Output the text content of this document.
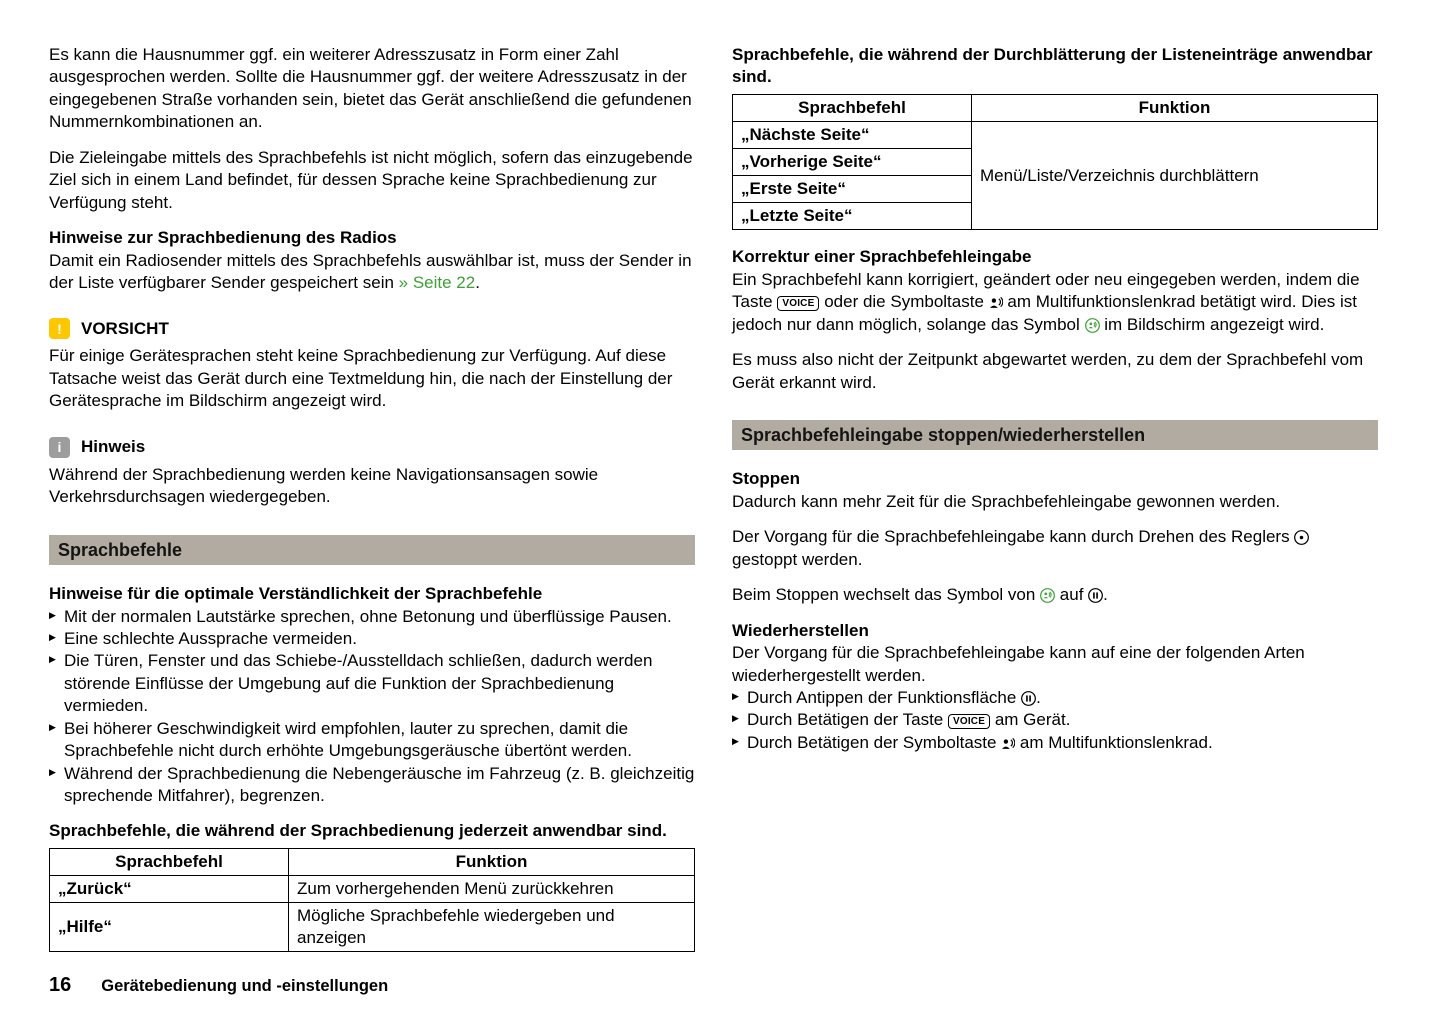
Es kann die Hausnummer ggf. ein weiterer Adresszusatz in Form einer Zahl ausgesprochen werden. Sollte die Hausnummer ggf. der weitere Adresszusatz in der eingegebenen Straße vorhanden sein, bietet das Gerät anschließend die gefundenen Nummernkombinationen an.

Die Zieleingabe mittels des Sprachbefehls ist nicht möglich, sofern das einzugebende Ziel sich in einem Land befindet, für dessen Sprache keine Sprachbedienung zur Verfügung steht.

Hinweise zur Sprachbedienung des Radios

Damit ein Radiosender mittels des Sprachbefehls auswählbar ist, muss der Sender in der Liste verfügbarer Sender gespeichert sein » Seite 22.

!	VORSICHT

Für einige Gerätesprachen steht keine Sprachbedienung zur Verfügung. Auf diese Tatsache weist das Gerät durch eine Textmeldung hin, die nach der Einstellung der Gerätesprache im Bildschirm angezeigt wird.

i	Hinweis

Während der Sprachbedienung werden keine Navigationsansagen sowie Verkehrsdurchsagen wiedergegeben.

Sprachbefehle
Hinweise für die optimale Verständlichkeit der Sprachbefehle
▶ Mit der normalen Lautstärke sprechen, ohne Betonung und überflüssige Pausen.
▶ Eine schlechte Aussprache vermeiden.
▶ Die Türen, Fenster und das Schiebe-/Ausstelldach schließen, dadurch werden störende Einflüsse der Umgebung auf die Funktion der Sprachbedienung vermieden.
▶ Bei höherer Geschwindigkeit wird empfohlen, lauter zu sprechen, damit die Sprachbefehle nicht durch erhöhte Umgebungsgeräusche übertönt werden.
▶ Während der Sprachbedienung die Nebengeräusche im Fahrzeug (z. B. gleichzeitig sprechende Mitfahrer), begrenzen.
Sprachbefehle, die während der Sprachbedienung jederzeit anwendbar sind.
Sprachbefehl	Funktion
„Zurück“	Zum vorhergehenden Menü zurückkehren
„Hilfe“	Mögliche Sprachbefehle wiedergeben und anzeigen
Sprachbefehle, die während der Durchblätterung der Listeneinträge anwendbar sind.
Sprachbefehl	Funktion
„Nächste Seite“	Menü/Liste/Verzeichnis durchblättern
„Vorherige Seite“	
„Erste Seite“	
„Letzte Seite“	
Korrektur einer Sprachbefehleingabe

Ein Sprachbefehl kann korrigiert, geändert oder neu eingegeben werden, indem die Taste VOICE oder die Symboltaste  am Multifunktionslenkrad betätigt wird. Dies ist jedoch nur dann möglich, solange das Symbol  im Bildschirm angezeigt wird.

Es muss also nicht der Zeitpunkt abgewartet werden, zu dem der Sprachbefehl vom Gerät erkannt wird.

Sprachbefehleingabe stoppen/wiederherstellen
Stoppen

Dadurch kann mehr Zeit für die Sprachbefehleingabe gewonnen werden.

Der Vorgang für die Sprachbefehleingabe kann durch Drehen des Reglers  gestoppt werden.

Beim Stoppen wechselt das Symbol von  auf .

Wiederherstellen

Der Vorgang für die Sprachbefehleingabe kann auf eine der folgenden Arten wiederhergestellt werden.

▶ Durch Antippen der Funktionsfläche .
▶ Durch Betätigen der Taste VOICE am Gerät.
▶ Durch Betätigen der Symboltaste  am Multifunktionslenkrad.
16 Gerätebedienung und -einstellungen
